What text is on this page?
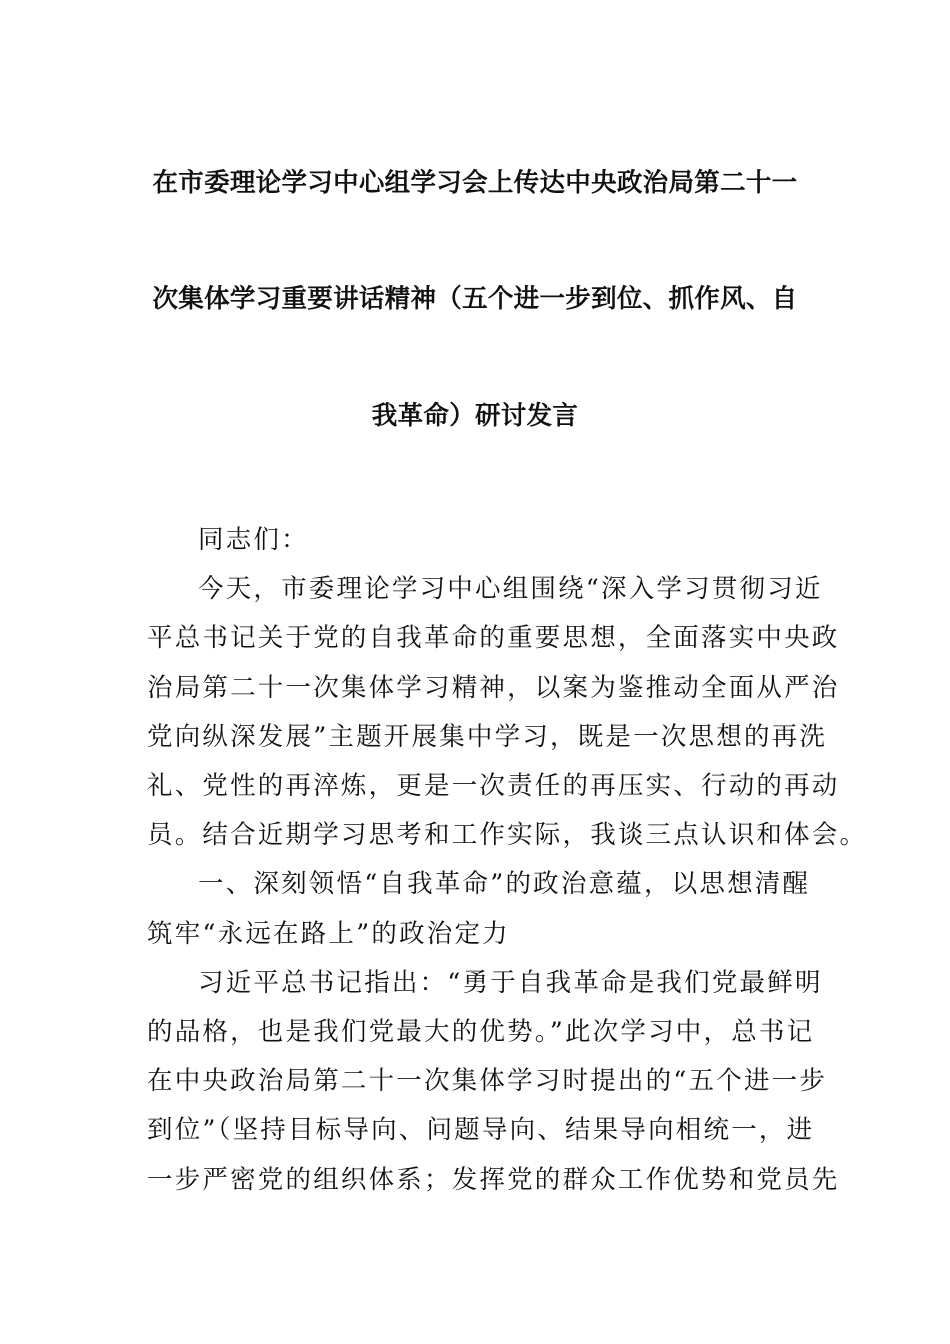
在市委理论学习中心组学习会上传达中央政治局第二十一
次集体学习重要讲话精神（五个进一步到位、抓作风、自
我革命）研讨发言
同志们：
今天，市委理论学习中心组围绕“深入学习贯彻习近
平总书记关于党的自我革命的重要思想，全面落实中央政
治局第二十一次集体学习精神，以案为鉴推动全面从严治
党向纵深发展”主题开展集中学习，既是一次思想的再洗
礼、党性的再淬炼，更是一次责任的再压实、行动的再动
员。结合近期学习思考和工作实际，我谈三点认识和体会。
一、深刻领悟“自我革命”的政治意蕴，以思想清醒
筑牢“永远在路上”的政治定力
习近平总书记指出：“勇于自我革命是我们党最鲜明
的品格，也是我们党最大的优势。”此次学习中，总书记
在中央政治局第二十一次集体学习时提出的“五个进一步
到位”（坚持目标导向、问题导向、结果导向相统一，进
一步严密党的组织体系；发挥党的群众工作优势和党员先
